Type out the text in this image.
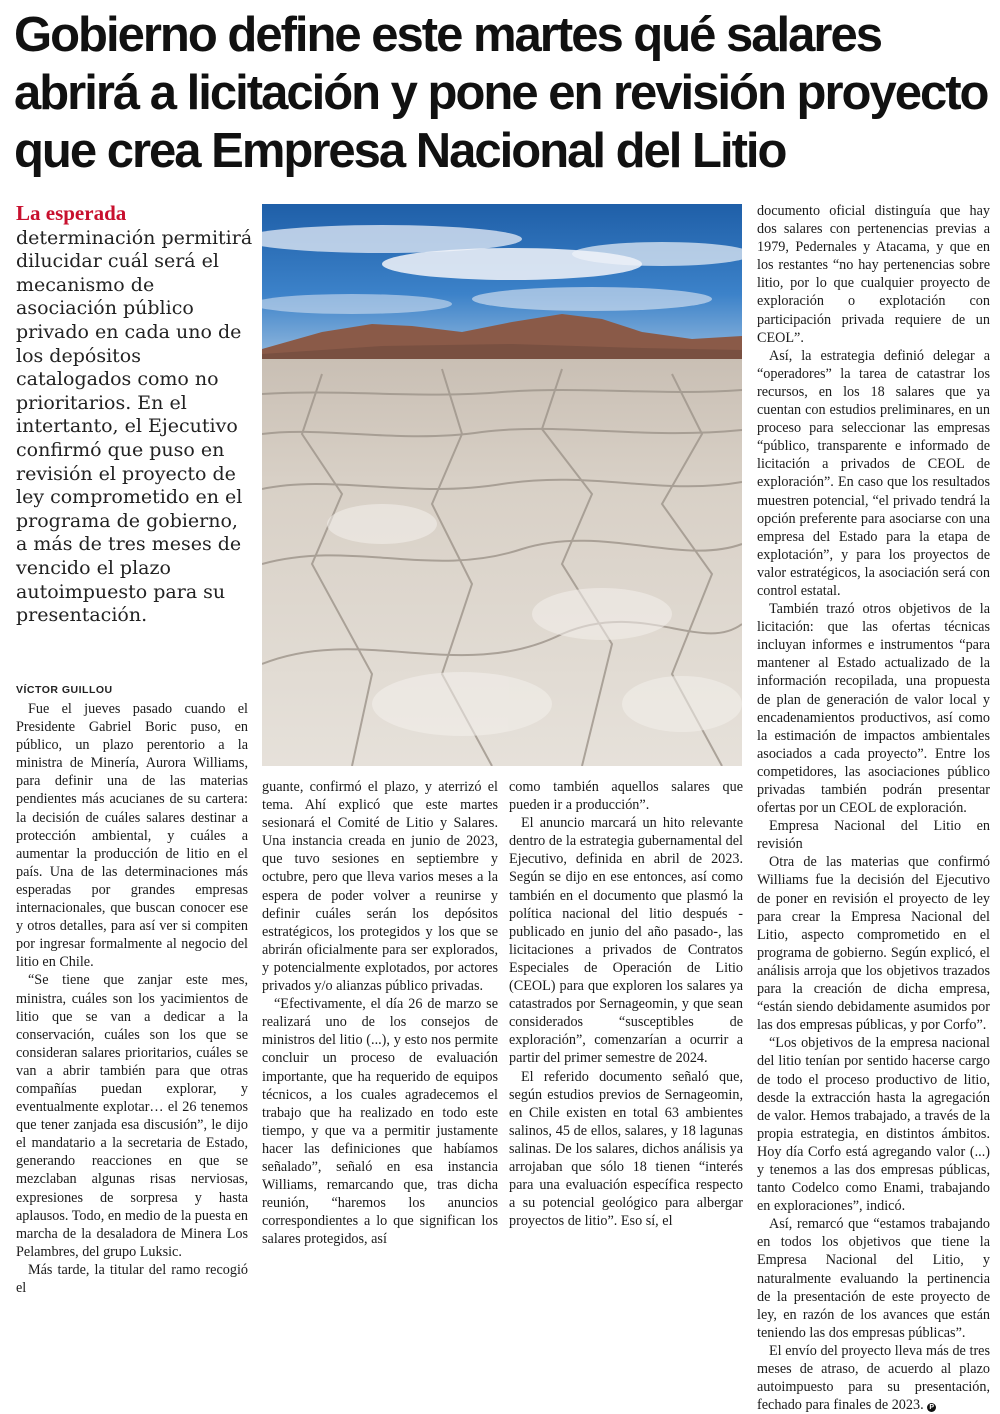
Gobierno define este martes qué salares
abrirá a licitación y pone en revisión proyecto
que crea Empresa Nacional del Litio

La esperada
determinación permitirá dilucidar cuál será el mecanismo de asociación público privado en cada uno de los depósitos catalogados como no prioritarios. En el intertanto, el Ejecutivo confirmó que puso en revisión el proyecto de ley comprometido en el programa de gobierno, a más de tres meses de vencido el plazo autoimpuesto para su presentación.

VÍCTOR GUILLOU

Fue el jueves pasado cuando el Presidente Gabriel Boric puso, en público, un plazo perentorio a la ministra de Minería, Aurora Williams, para definir una de las materias pendientes más acucianes de su cartera: la decisión de cuáles salares destinar a protección ambiental, y cuáles a aumentar la producción de litio en el país. Una de las determinaciones más esperadas por grandes empresas internacionales, que buscan conocer ese y otros detalles, para así ver si compiten por ingresar formalmente al negocio del litio en Chile.

“Se tiene que zanjar este mes, ministra, cuáles son los yacimientos de litio que se van a dedicar a la conservación, cuáles son los que se consideran salares prioritarios, cuáles se van a abrir también para que otras compañías puedan explorar, y eventualmente explotar… el 26 tenemos que tener zanjada esa discusión”, le dijo el mandatario a la secretaria de Estado, generando reacciones en que se mezclaban algunas risas nerviosas, expresiones de sorpresa y hasta aplausos. Todo, en medio de la puesta en marcha de la desaladora de Minera Los Pelambres, del grupo Luksic.

Más tarde, la titular del ramo recogió el

guante, confirmó el plazo, y aterrizó el tema. Ahí explicó que este martes sesionará el Comité de Litio y Salares. Una instancia creada en junio de 2023, que tuvo sesiones en septiembre y octubre, pero que lleva varios meses a la espera de poder volver a reunirse y definir cuáles serán los depósitos estratégicos, los protegidos y los que se abrirán oficialmente para ser explorados, y potencialmente explotados, por actores privados y/o alianzas público privadas.

“Efectivamente, el día 26 de marzo se realizará uno de los consejos de ministros del litio (...), y esto nos permite concluir un proceso de evaluación importante, que ha requerido de equipos técnicos, a los cuales agradecemos el trabajo que ha realizado en todo este tiempo, y que va a permitir justamente hacer las definiciones que habíamos señalado”, señaló en esa instancia Williams, remarcando que, tras dicha reunión, “haremos los anuncios correspondientes a lo que significan los salares protegidos, así

como también aquellos salares que pueden ir a producción”.

El anuncio marcará un hito relevante dentro de la estrategia gubernamental del Ejecutivo, definida en abril de 2023. Según se dijo en ese entonces, así como también en el documento que plasmó la política nacional del litio después -publicado en junio del año pasado-, las licitaciones a privados de Contratos Especiales de Operación de Litio (CEOL) para que exploren los salares ya catastrados por Sernageomin, y que sean considerados “susceptibles de exploración”, comenzarían a ocurrir a partir del primer semestre de 2024.

El referido documento señaló que, según estudios previos de Sernageomin, en Chile existen en total 63 ambientes salinos, 45 de ellos, salares, y 18 lagunas salinas. De los salares, dichos análisis ya arrojaban que sólo 18 tienen “interés para una evaluación específica respecto a su potencial geológico para albergar proyectos de litio”. Eso sí, el

documento oficial distinguía que hay dos salares con pertenencias previas a 1979, Pedernales y Atacama, y que en los restantes “no hay pertenencias sobre litio, por lo que cualquier proyecto de exploración o explotación con participación privada requiere de un CEOL”.

Así, la estrategia definió delegar a “operadores” la tarea de catastrar los recursos, en los 18 salares que ya cuentan con estudios preliminares, en un proceso para seleccionar las empresas “público, transparente e informado de licitación a privados de CEOL de exploración”. En caso que los resultados muestren potencial, “el privado tendrá la opción preferente para asociarse con una empresa del Estado para la etapa de explotación”, y para los proyectos de valor estratégicos, la asociación será con control estatal.

También trazó otros objetivos de la licitación: que las ofertas técnicas incluyan informes e instrumentos “para mantener al Estado actualizado de la información recopilada, una propuesta de plan de generación de valor local y encadenamientos productivos, así como la estimación de impactos ambientales asociados a cada proyecto”. Entre los competidores, las asociaciones público privadas también podrán presentar ofertas por un CEOL de exploración.

Empresa Nacional del Litio en revisión

Otra de las materias que confirmó Williams fue la decisión del Ejecutivo de poner en revisión el proyecto de ley para crear la Empresa Nacional del Litio, aspecto comprometido en el programa de gobierno. Según explicó, el análisis arroja que los objetivos trazados para la creación de dicha empresa, “están siendo debidamente asumidos por las dos empresas públicas, y por Corfo”.

“Los objetivos de la empresa nacional del litio tenían por sentido hacerse cargo de todo el proceso productivo de litio, desde la extracción hasta la agregación de valor. Hemos trabajado, a través de la propia estrategia, en distintos ámbitos. Hoy día Corfo está agregando valor (...) y tenemos a las dos empresas públicas, tanto Codelco como Enami, trabajando en exploraciones”, indicó.

Así, remarcó que “estamos trabajando en todos los objetivos que tiene la Empresa Nacional del Litio, y naturalmente evaluando la pertinencia de la presentación de este proyecto de ley, en razón de los avances que están teniendo las dos empresas públicas”.

El envío del proyecto lleva más de tres meses de atraso, de acuerdo al plazo autoimpuesto para su presentación, fechado para finales de 2023. P
